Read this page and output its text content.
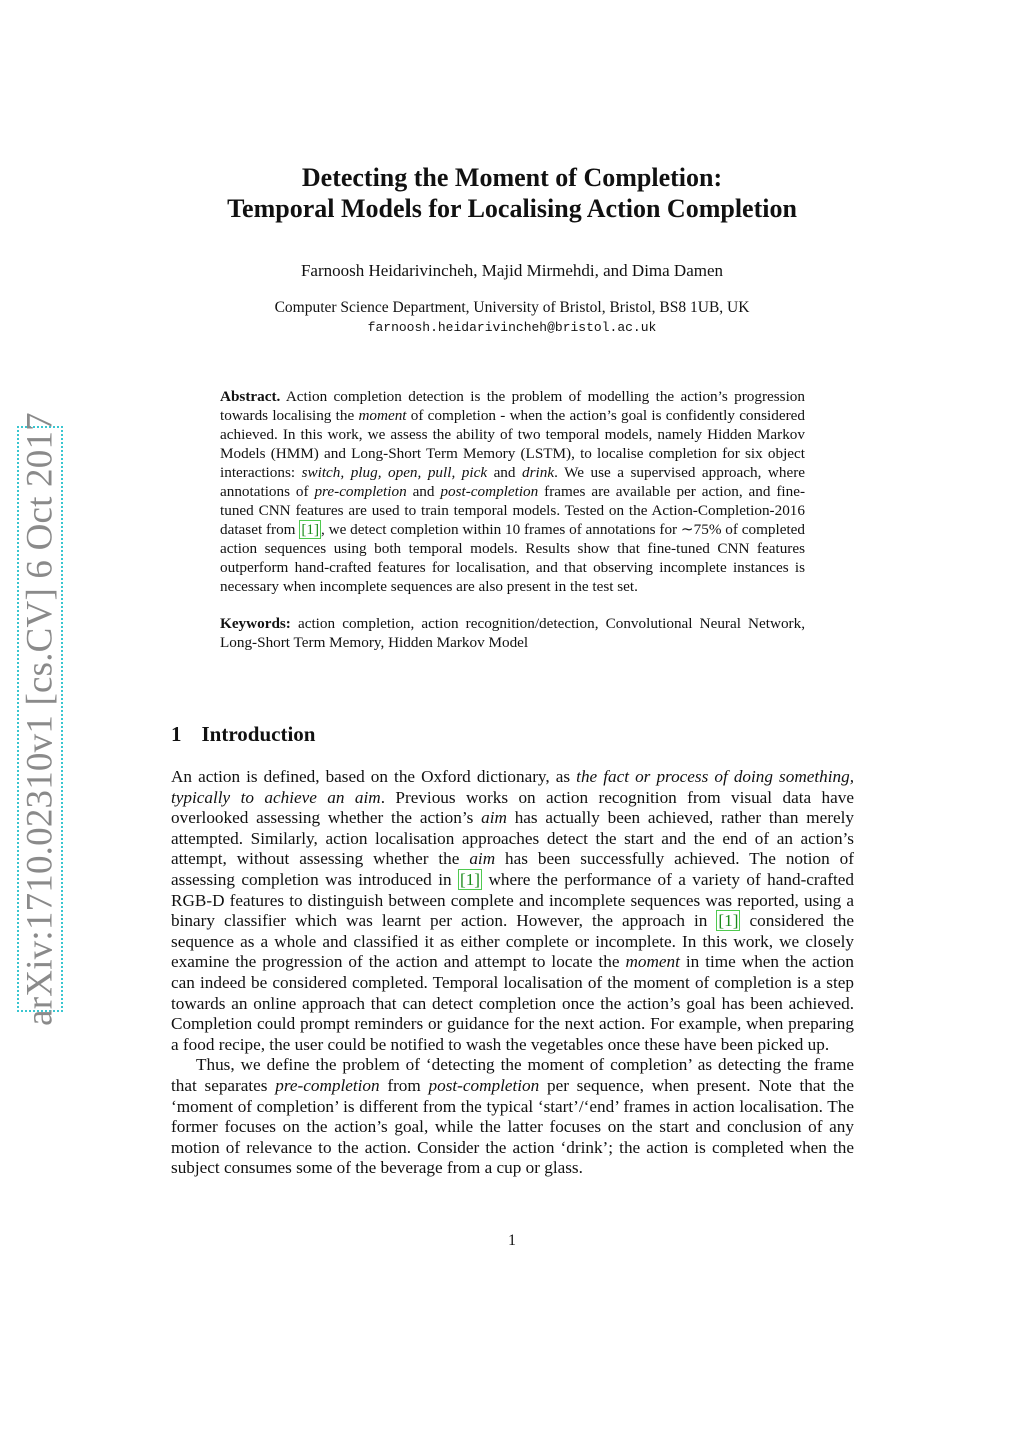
arXiv:1710.02310v1 [cs.CV] 6 Oct 2017
Detecting the Moment of Completion:
Temporal Models for Localising Action Completion
Farnoosh Heidarivincheh, Majid Mirmehdi, and Dima Damen
Computer Science Department, University of Bristol, Bristol, BS8 1UB, UK
farnoosh.heidarivincheh@bristol.ac.uk

Abstract. Action completion detection is the problem of modelling the action’s progression towards localising the moment of completion - when the action’s goal is confidently considered achieved. In this work, we assess the ability of two temporal models, namely Hidden Markov Models (HMM) and Long-Short Term Memory (LSTM), to localise completion for six object interactions: switch, plug, open, pull, pick and drink. We use a supervised approach, where annotations of pre-completion and post-completion frames are available per action, and fine-tuned CNN features are used to train temporal models. Tested on the Action-Completion-2016 dataset from [1] , we detect completion within 10 frames of annotations for ∼75% of completed action sequences using both temporal models. Results show that fine-tuned CNN features outperform hand-crafted features for localisation, and that observing incomplete instances is necessary when incomplete sequences are also present in the test set.

Keywords: action completion, action recognition/detection, Convolutional Neural Network, Long-Short Term Memory, Hidden Markov Model

1 Introduction

An action is defined, based on the Oxford dictionary, as the fact or process of doing something, typically to achieve an aim. Previous works on action recognition from visual data have overlooked assessing whether the action’s aim has actually been achieved, rather than merely attempted. Similarly, action localisation approaches detect the start and the end of an action’s attempt, without assessing whether the aim has been successfully achieved. The notion of assessing completion was introduced in [1] where the performance of a variety of hand-crafted RGB-D features to distinguish between complete and incomplete sequences was reported, using a binary classifier which was learnt per action. However, the approach in [1] considered the sequence as a whole and classified it as either complete or incomplete. In this work, we closely examine the progression of the action and attempt to locate the moment in time when the action can indeed be considered completed. Temporal localisation of the moment of completion is a step towards an online approach that can detect completion once the action’s goal has been achieved. Completion could prompt reminders or guidance for the next action. For example, when preparing a food recipe, the user could be notified to wash the vegetables once these have been picked up.

Thus, we define the problem of ‘detecting the moment of completion’ as detecting the frame that separates pre-completion from post-completion per sequence, when present. Note that the ‘moment of completion’ is different from the typical ‘start’/‘end’ frames in action localisation. The former focuses on the action’s goal, while the latter focuses on the start and conclusion of any motion of relevance to the action. Consider the action ‘drink’; the action is completed when the subject consumes some of the beverage from a cup or glass.

1
